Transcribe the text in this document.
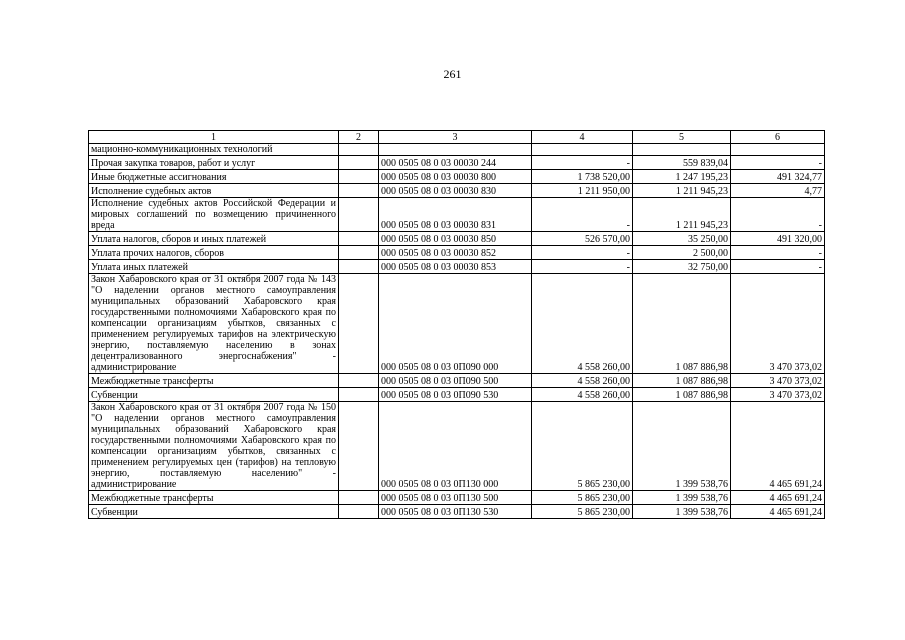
261
1	2	3	4	5	6
мационно-коммуникационных технологий					
Прочая закупка товаров, работ и услуг		000 0505 08 0 03 00030 244	-	559 839,04	-
Иные бюджетные ассигнования		000 0505 08 0 03 00030 800	1 738 520,00	1 247 195,23	491 324,77
Исполнение судебных актов		000 0505 08 0 03 00030 830	1 211 950,00	1 211 945,23	4,77
Исполнение судебных актов Российской Федерации и мировых соглашений по возмещению причиненного вреда		000 0505 08 0 03 00030 831	-	1 211 945,23	-
Уплата налогов, сборов и иных платежей		000 0505 08 0 03 00030 850	526 570,00	35 250,00	491 320,00
Уплата прочих налогов, сборов		000 0505 08 0 03 00030 852	-	2 500,00	-
Уплата иных платежей		000 0505 08 0 03 00030 853	-	32 750,00	-
Закон Хабаровского края от 31 октября 2007 года № 143 "О наделении органов местного самоуправления муниципальных образований Хабаровского края государственными полномочиями Хабаровского края по компенсации организациям убытков, связанных с применением регулируемых тарифов на электрическую энергию, поставляемую населению в зонах децентрализованного энергоснабжения" - администрирование		000 0505 08 0 03 0П090 000	4 558 260,00	1 087 886,98	3 470 373,02
Межбюджетные трансферты		000 0505 08 0 03 0П090 500	4 558 260,00	1 087 886,98	3 470 373,02
Субвенции		000 0505 08 0 03 0П090 530	4 558 260,00	1 087 886,98	3 470 373,02
Закон Хабаровского края от 31 октября 2007 года № 150 "О наделении органов местного самоуправления муниципальных образований Хабаровского края государственными полномочиями Хабаровского края по компенсации организациям убытков, связанных с применением регулируемых цен (тарифов) на тепловую энергию, поставляемую населению" - администрирование		000 0505 08 0 03 0П130 000	5 865 230,00	1 399 538,76	4 465 691,24
Межбюджетные трансферты		000 0505 08 0 03 0П130 500	5 865 230,00	1 399 538,76	4 465 691,24
Субвенции		000 0505 08 0 03 0П130 530	5 865 230,00	1 399 538,76	4 465 691,24
